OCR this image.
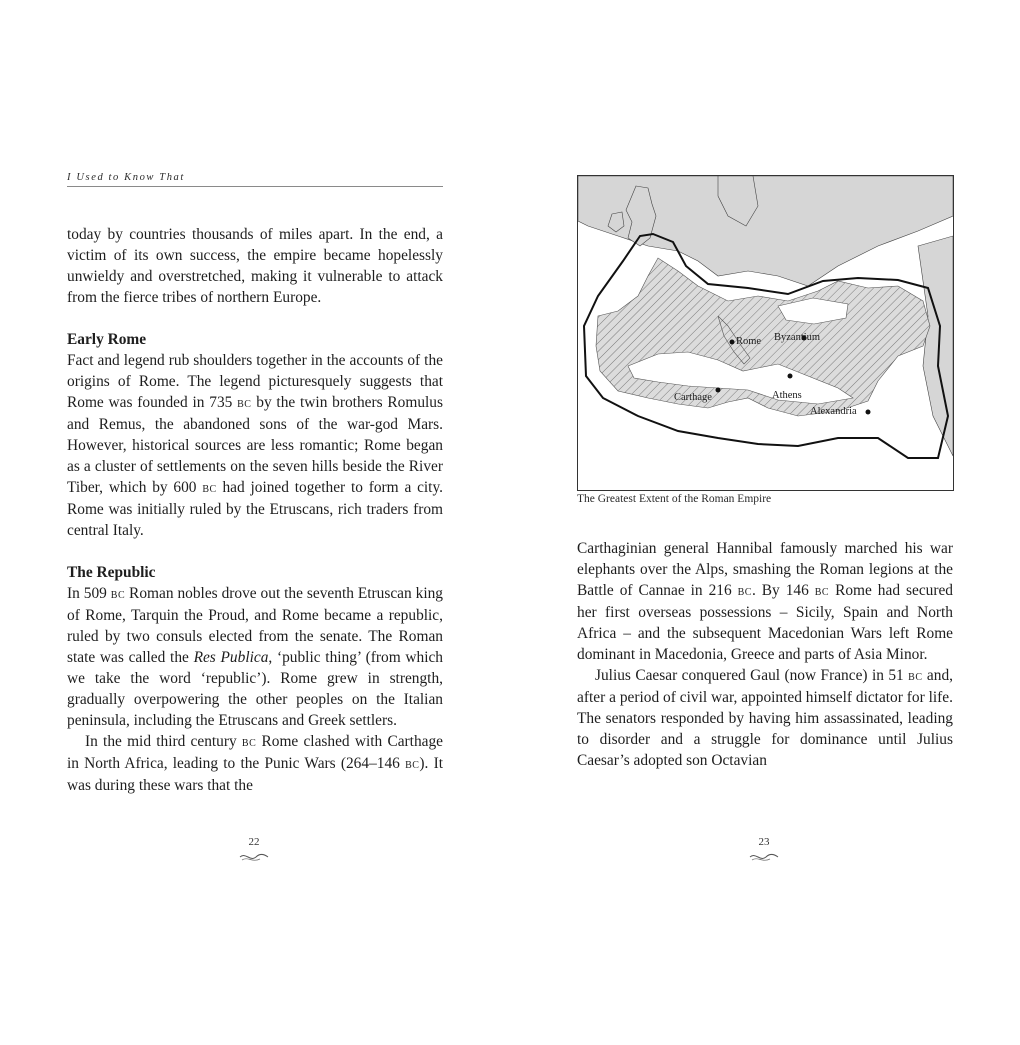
I Used to Know That

today by countries thousands of miles apart. In the end, a victim of its own success, the empire became hopelessly unwieldy and overstretched, making it vulnerable to attack from the fierce tribes of northern Europe.

Early Rome

Fact and legend rub shoulders together in the accounts of the origins of Rome. The legend picturesquely suggests that Rome was founded in 735 bc by the twin brothers Romulus and Remus, the abandoned sons of the war-god Mars. However, historical sources are less romantic; Rome began as a cluster of settlements on the seven hills beside the River Tiber, which by 600 bc had joined together to form a city. Rome was initially ruled by the Etruscans, rich traders from central Italy.

The Republic

In 509 bc Roman nobles drove out the seventh Etruscan king of Rome, Tarquin the Proud, and Rome became a republic, ruled by two consuls elected from the senate. The Roman state was called the Res Publica, ‘public thing’ (from which we take the word ‘republic’). Rome grew in strength, gradually overpowering the other peoples on the Italian peninsula, including the Etruscans and Greek settlers.

In the mid third century bc Rome clashed with Carthage in North Africa, leading to the Punic Wars (264–146 bc). It was during these wars that the

22
Rome Byzantium
Carthage	Athens
Alexandria
The Greatest Extent of the Roman Empire

Carthaginian general Hannibal famously marched his war elephants over the Alps, smashing the Roman legions at the Battle of Cannae in 216 bc. By 146 bc Rome had secured her first overseas possessions – Sicily, Spain and North Africa – and the subsequent Macedonian Wars left Rome dominant in Macedonia, Greece and parts of Asia Minor.

Julius Caesar conquered Gaul (now France) in 51 bc and, after a period of civil war, appointed himself dictator for life. The senators responded by having him assassinated, leading to disorder and a struggle for dominance until Julius Caesar’s adopted son Octavian

23
